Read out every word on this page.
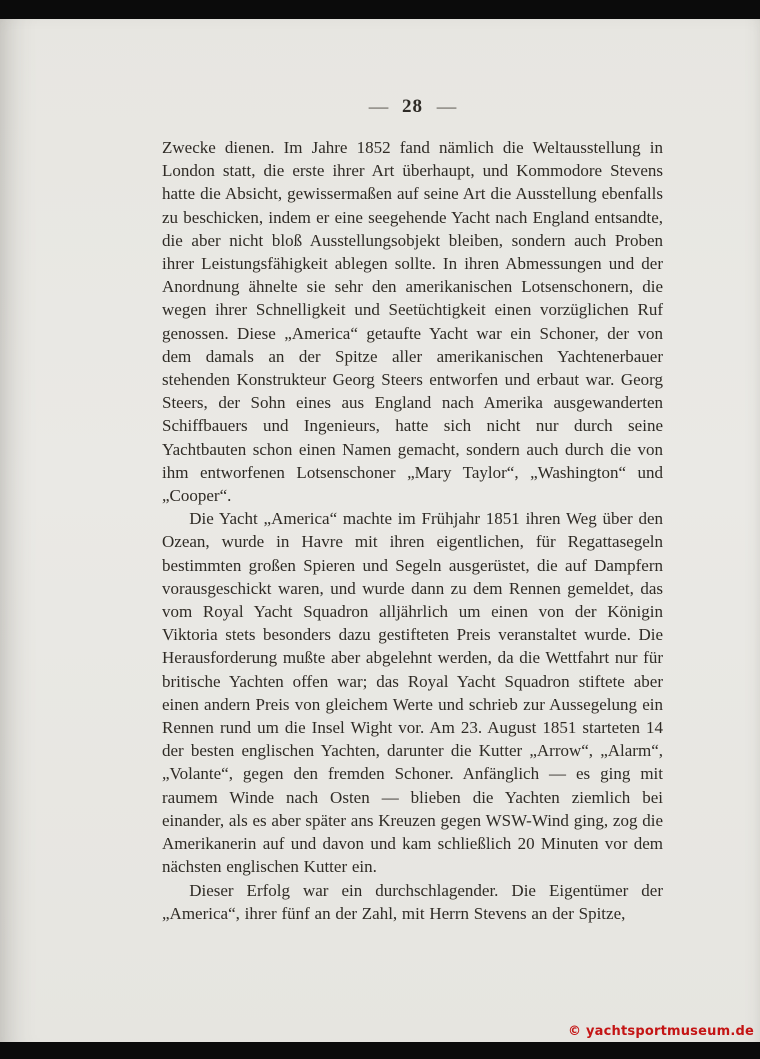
— 28 —

Zwecke dienen. Im Jahre 1852 fand nämlich die Weltausstellung in London statt, die erste ihrer Art überhaupt, und Kommodore Stevens hatte die Absicht, gewissermaßen auf seine Art die Ausstellung ebenfalls zu beschicken, indem er eine seegehende Yacht nach England entsandte, die aber nicht bloß Ausstellungsobjekt bleiben, sondern auch Proben ihrer Leistungsfähigkeit ablegen sollte. In ihren Abmessungen und der Anordnung ähnelte sie sehr den amerikanischen Lotsenschonern, die wegen ihrer Schnelligkeit und Seetüchtigkeit einen vorzüglichen Ruf genossen. Diese „America“ getaufte Yacht war ein Schoner, der von dem damals an der Spitze aller amerikanischen Yachtenerbauer stehenden Konstrukteur Georg Steers entworfen und erbaut war. Georg Steers, der Sohn eines aus England nach Amerika ausgewanderten Schiffbauers und Ingenieurs, hatte sich nicht nur durch seine Yachtbauten schon einen Namen gemacht, sondern auch durch die von ihm entworfenen Lotsenschoner „Mary Taylor“, „Washington“ und „Cooper“.

Die Yacht „America“ machte im Frühjahr 1851 ihren Weg über den Ozean, wurde in Havre mit ihren eigentlichen, für Regattasegeln bestimmten großen Spieren und Segeln ausgerüstet, die auf Dampfern vorausgeschickt waren, und wurde dann zu dem Rennen gemeldet, das vom Royal Yacht Squadron alljährlich um einen von der Königin Viktoria stets besonders dazu gestifteten Preis veranstaltet wurde. Die Herausforderung mußte aber abgelehnt werden, da die Wettfahrt nur für britische Yachten offen war; das Royal Yacht Squadron stiftete aber einen andern Preis von gleichem Werte und schrieb zur Aussegelung ein Rennen rund um die Insel Wight vor. Am 23. August 1851 starteten 14 der besten englischen Yachten, darunter die Kutter „Arrow“, „Alarm“, „Volante“, gegen den fremden Schoner. Anfänglich — es ging mit raumem Winde nach Osten — blieben die Yachten ziemlich bei einander, als es aber später ans Kreuzen gegen WSW-Wind ging, zog die Amerikanerin auf und davon und kam schließlich 20 Minuten vor dem nächsten englischen Kutter ein.

Dieser Erfolg war ein durchschlagender. Die Eigentümer der „America“, ihrer fünf an der Zahl, mit Herrn Stevens an der Spitze,

© yachtsportmuseum.de
